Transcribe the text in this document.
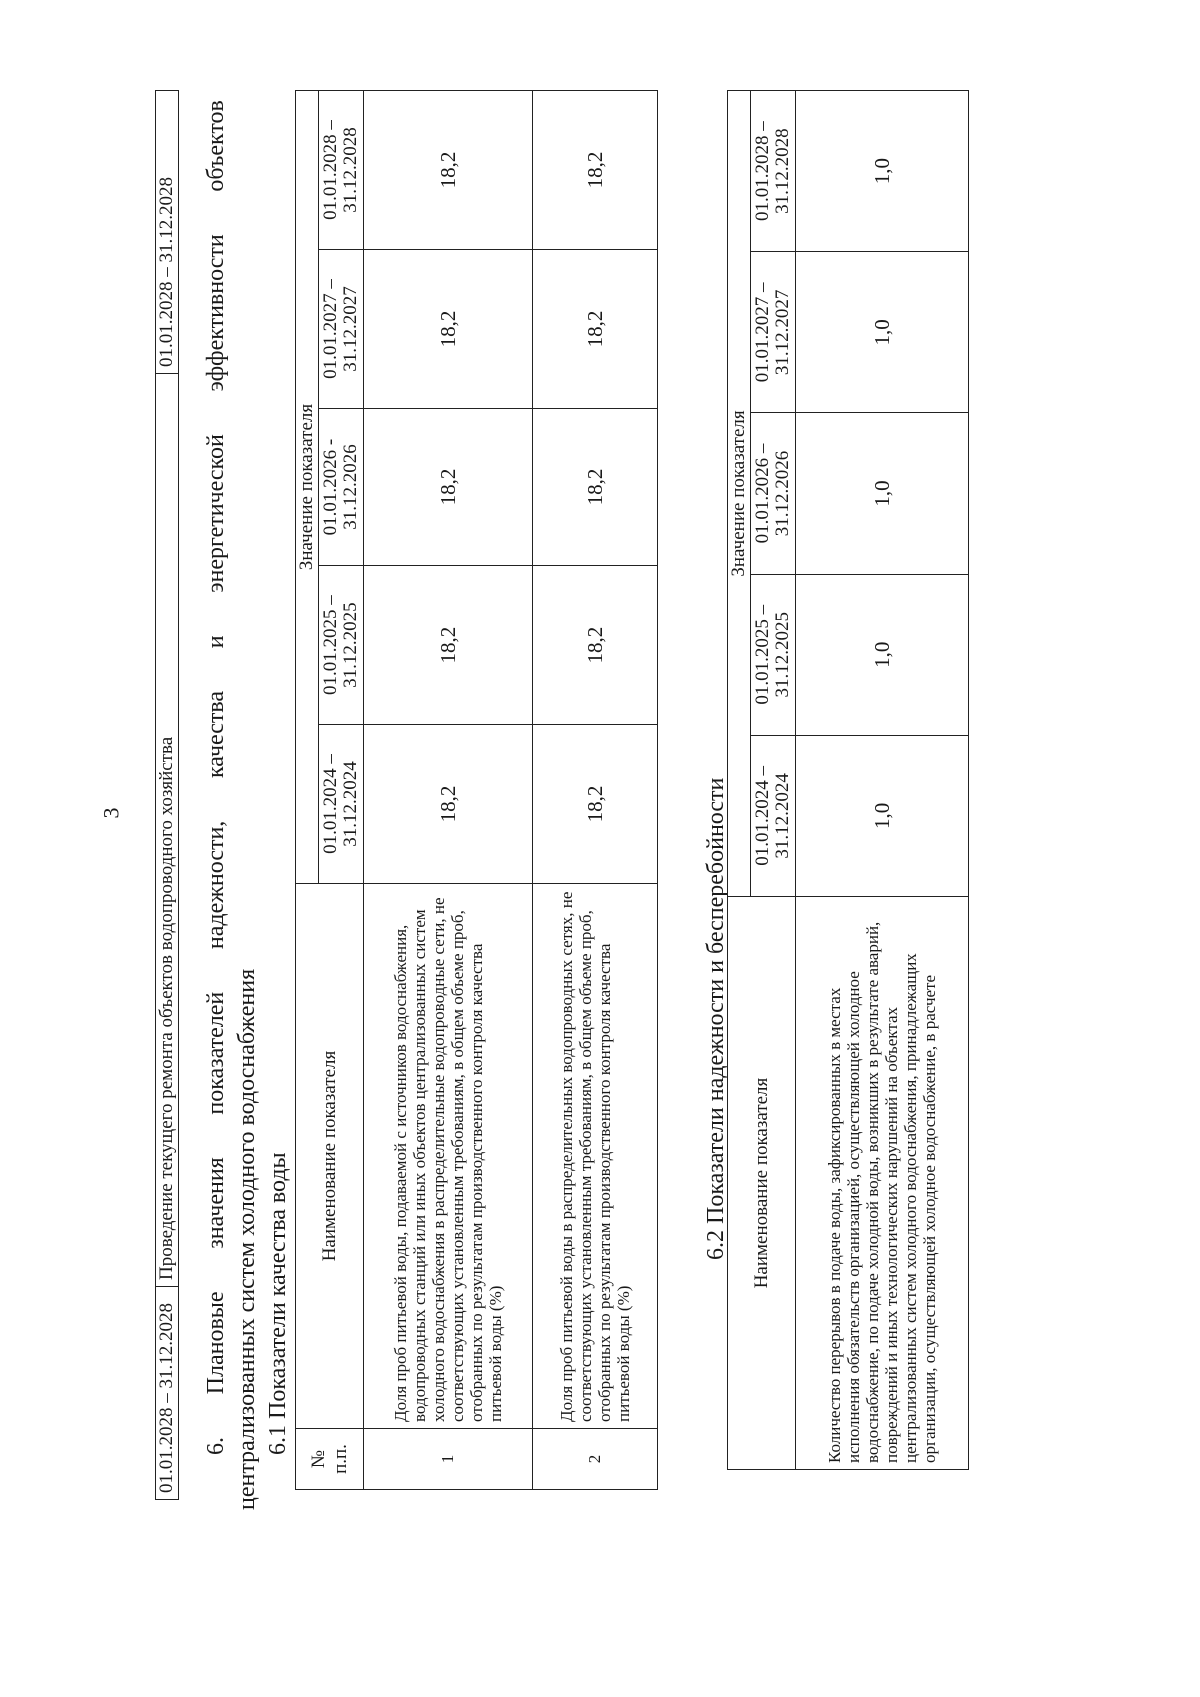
3
01.01.2028 – 31.12.2028	Проведение текущего ремонта объектов водопроводного хозяйства	01.01.2028 – 31.12.2028
6.
Плановые
значения
показателей
надежности,
качества
и
энергетической
эффективности
объектов
централизованных систем холодного водоснабжения 6.1 Показатели качества воды
№ п.п.	Наименование показателя	Значение показателя				
		01.01.2024 – 31.12.2024	01.01.2025 – 31.12.2025	01.01.2026 - 31.12.2026	01.01.2027 – 31.12.2027	01.01.2028 – 31.12.2028
1	Доля проб питьевой воды, подаваемой с источников водоснабжения, водопроводных станций или иных объектов централизованных систем холодного водоснабжения в распределительные водопроводные сети, не соответствующих установленным требованиям, в общем объеме проб, отобранных по результатам производственного контроля качества питьевой воды (%)	18,2	18,2	18,2	18,2	18,2
2	Доля проб питьевой воды в распределительных водопроводных сетях, не соответствующих установленным требованиям, в общем объеме проб, отобранных по результатам производственного контроля качества питьевой воды (%)	18,2	18,2	18,2	18,2	18,2
6.2 Показатели надежности и бесперебойности Наименование показателя	Значение показателя				
	01.01.2024 – 31.12.2024	01.01.2025 – 31.12.2025	01.01.2026 – 31.12.2026	01.01.2027 – 31.12.2027	01.01.2028 – 31.12.2028
Количество перерывов в подаче воды, зафиксированных в местах исполнения обязательств организацией, осуществляющей холодное водоснабжение, по подаче холодной воды, возникших в результате аварий, повреждений и иных технологических нарушений на объектах централизованных систем холодного водоснабжения, принадлежащих организации, осуществляющей холодное водоснабжение, в расчете	1,0	1,0	1,0	1,0	1,0
